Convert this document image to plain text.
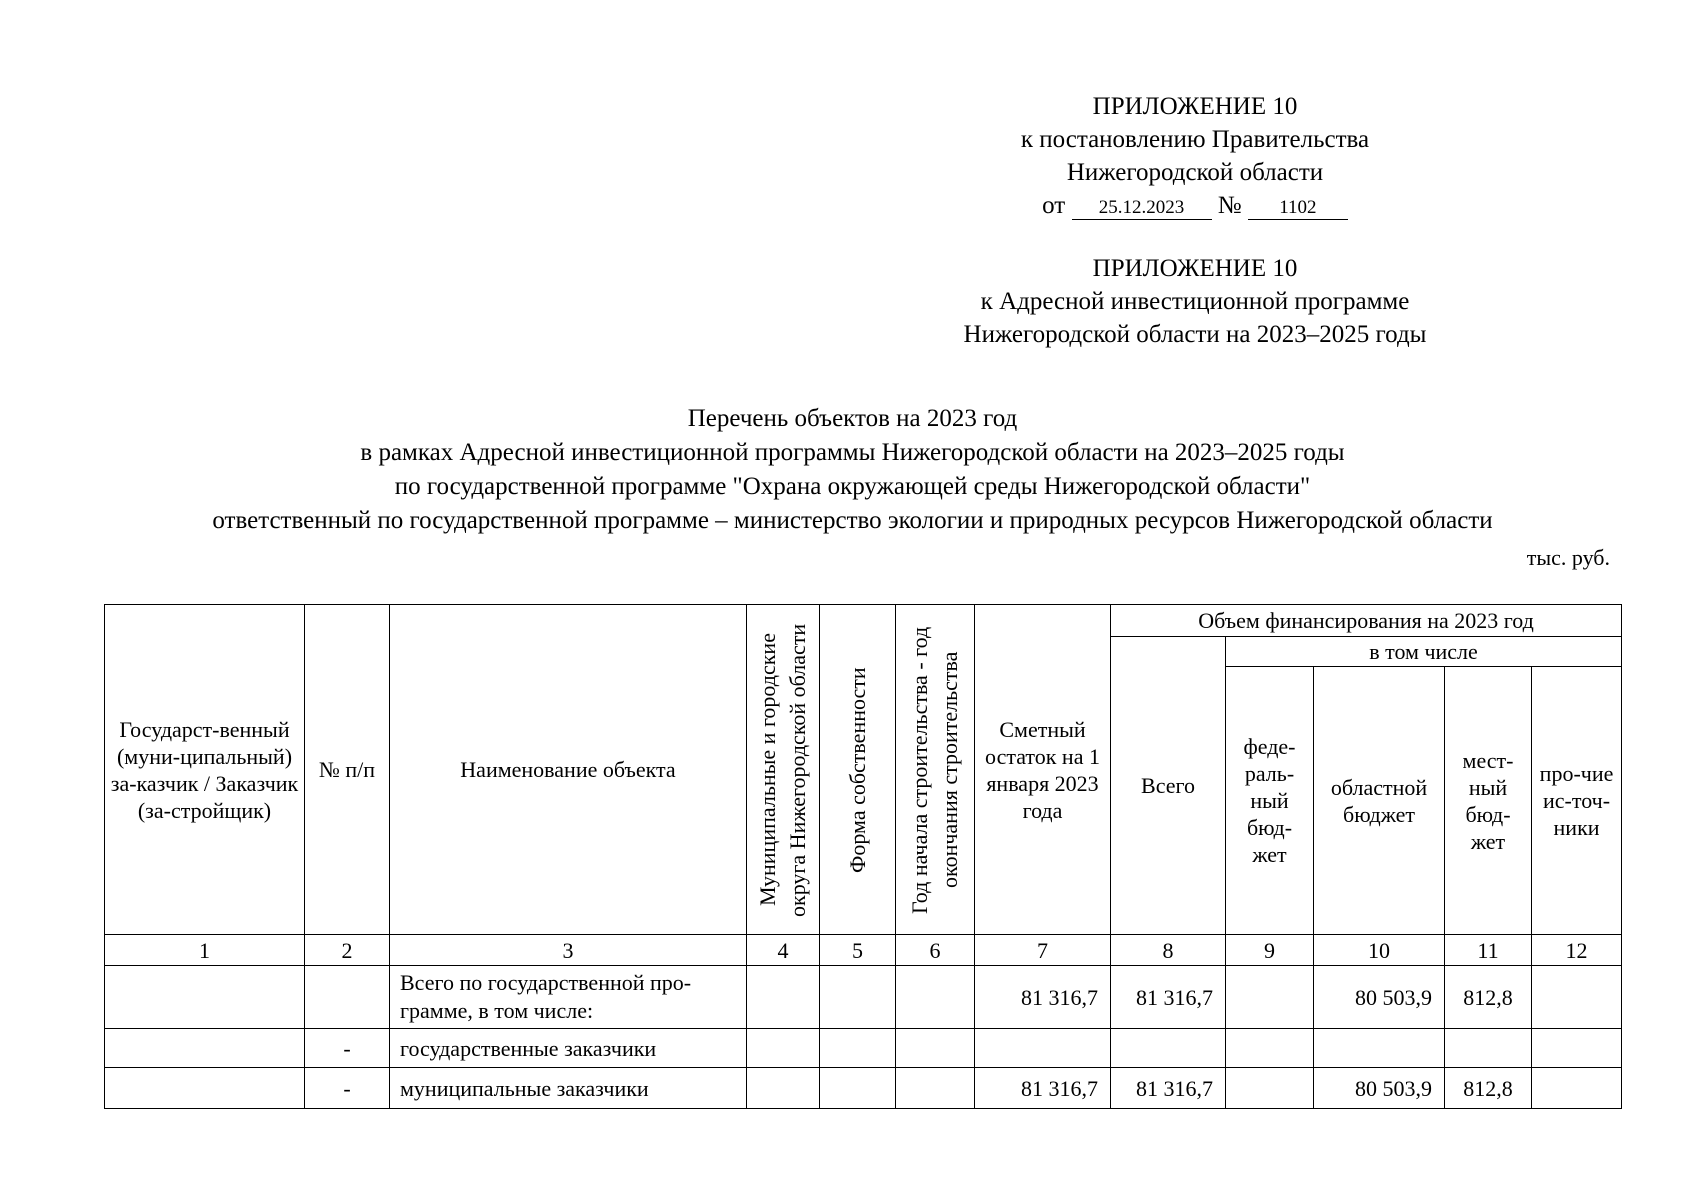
ПРИЛОЖЕНИЕ 10
к постановлению Правительства
Нижегородской области
от 25.12.2023 № 1102
ПРИЛОЖЕНИЕ 10
к Адресной инвестиционной программе
Нижегородской области на 2023–2025 годы
Перечень объектов на 2023 год
в рамках Адресной инвестиционной программы Нижегородской области на 2023–2025 годы
по государственной программе "Охрана окружающей среды Нижегородской области"
ответственный по государственной программе – министерство экологии и природных ресурсов Нижегородской области
тыс. руб.
Государст-венный (муни-ципальный) за-казчик / Заказчик (за-стройщик)	№ п/п	Наименование объекта	Муниципальные и городские округа Нижегородской области	Форма собственности	Год начала строительства - год окончания строительства	Сметный остаток на 1 января 2023 года	Объем финансирования на 2023 год				
							Всего	в том числе			
								феде-раль-ный бюд-жет	областной бюджет	мест-ный бюд-жет	про-чие ис-точ-ники
1	2	3	4	5	6	7	8	9	10	11	12
		Всего по государственной про-грамме, в том числе:				81 316,7	81 316,7		80 503,9	812,8	
	-	государственные заказчики									
	-	муниципальные заказчики				81 316,7	81 316,7		80 503,9	812,8	
